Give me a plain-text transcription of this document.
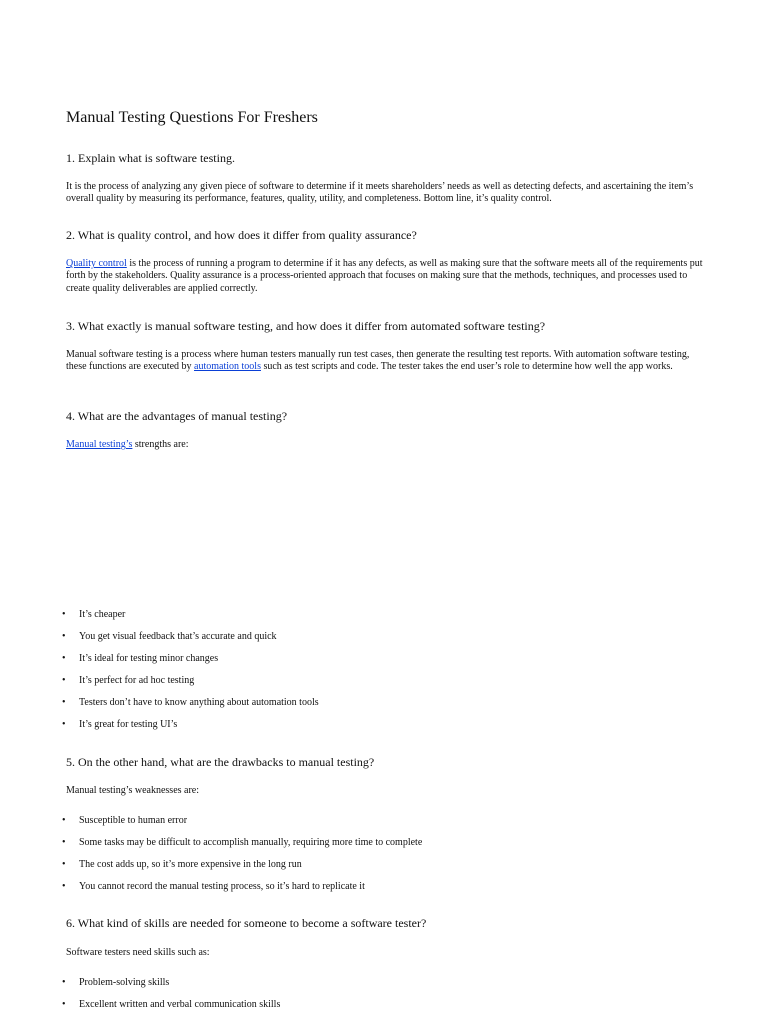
Manual Testing Questions For Freshers
1. Explain what is software testing.
It is the process of analyzing any given piece of software to determine if it meets shareholders’ needs as well as detecting defects, and ascertaining the item’s overall quality by measuring its performance, features, quality, utility, and completeness. Bottom line, it’s quality control.
2. What is quality control, and how does it differ from quality assurance?
Quality control is the process of running a program to determine if it has any defects, as well as making sure that the software meets all of the requirements put forth by the stakeholders. Quality assurance is a process-oriented approach that focuses on making sure that the methods, techniques, and processes used to create quality deliverables are applied correctly.
3. What exactly is manual software testing, and how does it differ from automated software testing?
Manual software testing is a process where human testers manually run test cases, then generate the resulting test reports. With automation software testing, these functions are executed by automation tools such as test scripts and code. The tester takes the end user’s role to determine how well the app works.
4. What are the advantages of manual testing?
Manual testing’s strengths are:
• It’s cheaper
• You get visual feedback that’s accurate and quick
• It’s ideal for testing minor changes
• It’s perfect for ad hoc testing
• Testers don’t have to know anything about automation tools
• It’s great for testing UI’s
5. On the other hand, what are the drawbacks to manual testing?
Manual testing’s weaknesses are:
• Susceptible to human error
• Some tasks may be difficult to accomplish manually, requiring more time to complete
• The cost adds up, so it’s more expensive in the long run
• You cannot record the manual testing process, so it’s hard to replicate it
6. What kind of skills are needed for someone to become a software tester?
Software testers need skills such as:
• Problem-solving skills
• Excellent written and verbal communication skills
